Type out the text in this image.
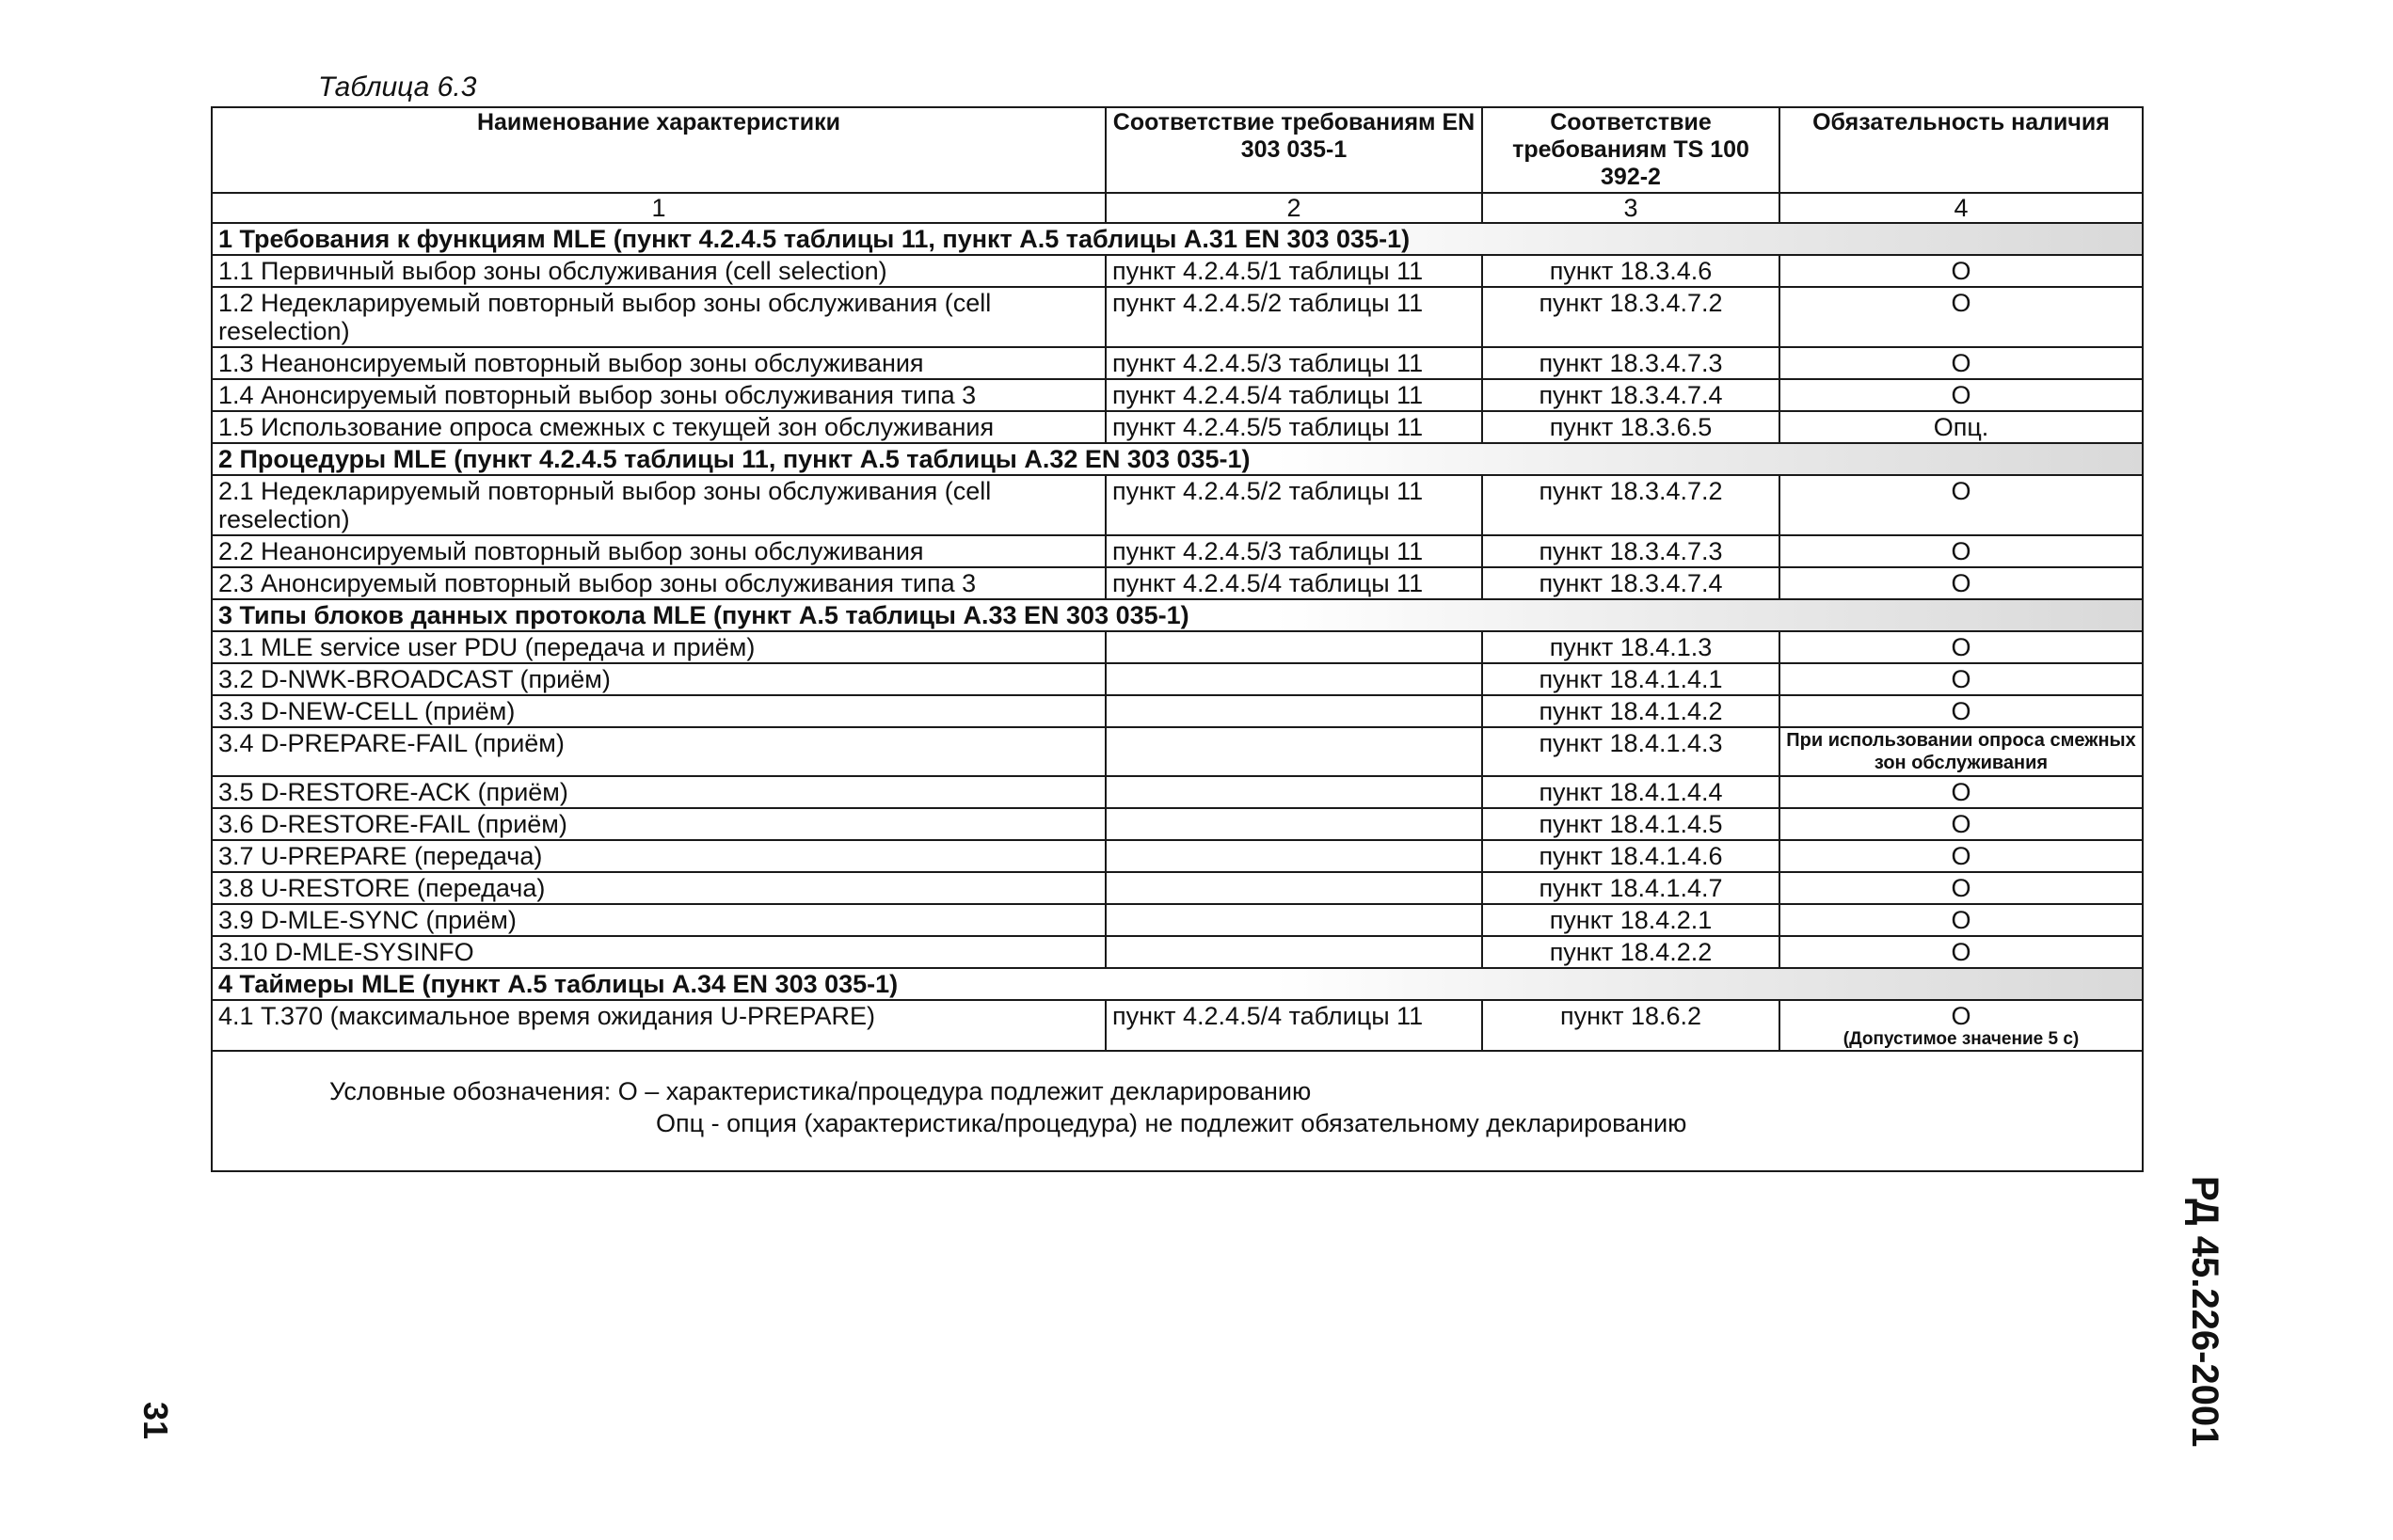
Таблица 6.3
Наименование характеристики	Соответствие требованиям EN 303 035-1	Соответствие требованиям TS 100 392-2	Обязательность наличия
1	2	3	4
1 Требования к функциям MLE (пункт 4.2.4.5 таблицы 11, пункт А.5 таблицы А.31 EN 303 035-1)			
1.1 Первичный выбор зоны обслуживания (cell selection)	пункт 4.2.4.5/1 таблицы 11	пункт 18.3.4.6	О
1.2 Недекларируемый повторный выбор зоны обслуживания (cell reselection)	пункт 4.2.4.5/2 таблицы 11	пункт 18.3.4.7.2	О
1.3 Неанонсируемый повторный выбор зоны обслуживания	пункт 4.2.4.5/3 таблицы 11	пункт 18.3.4.7.3	О
1.4 Анонсируемый повторный выбор зоны обслуживания типа 3	пункт 4.2.4.5/4 таблицы 11	пункт 18.3.4.7.4	О
1.5 Использование опроса смежных с текущей зон обслуживания	пункт 4.2.4.5/5 таблицы 11	пункт 18.3.6.5	Опц.
2 Процедуры MLE (пункт 4.2.4.5 таблицы 11, пункт А.5 таблицы А.32 EN 303 035-1)			
2.1 Недекларируемый повторный выбор зоны обслуживания (cell reselection)	пункт 4.2.4.5/2 таблицы 11	пункт 18.3.4.7.2	О
2.2 Неанонсируемый повторный выбор зоны обслуживания	пункт 4.2.4.5/3 таблицы 11	пункт 18.3.4.7.3	О
2.3 Анонсируемый повторный выбор зоны обслуживания типа 3	пункт 4.2.4.5/4 таблицы 11	пункт 18.3.4.7.4	О
3 Типы блоков данных протокола MLE (пункт А.5 таблицы А.33 EN 303 035-1)			
3.1 MLE service user PDU (передача и приём)		пункт 18.4.1.3	О
3.2 D-NWK-BROADCAST (приём)		пункт 18.4.1.4.1	О
3.3 D-NEW-CELL (приём)		пункт 18.4.1.4.2	О
3.4 D-PREPARE-FAIL (приём)		пункт 18.4.1.4.3	При использовании опроса смежных зон обслуживания
3.5 D-RESTORE-ACK (приём)		пункт 18.4.1.4.4	О
3.6 D-RESTORE-FAIL (приём)		пункт 18.4.1.4.5	О
3.7 U-PREPARE (передача)		пункт 18.4.1.4.6	О
3.8 U-RESTORE (передача)		пункт 18.4.1.4.7	О
3.9 D-MLE-SYNC (приём)		пункт 18.4.2.1	О
3.10 D-MLE-SYSINFO		пункт 18.4.2.2	О
4 Таймеры MLE (пункт А.5 таблицы А.34 EN 303 035-1)			
4.1 Т.370 (максимальное время ожидания U-PREPARE)	пункт 4.2.4.5/4 таблицы 11	пункт 18.6.2	О
(Допустимое значение 5 с)

Условные обозначения: О – характеристика/процедура подлежит декларированию
Опц - опция (характеристика/процедура) не подлежит обязательному декларированию			
РД 45.226-2001
31
